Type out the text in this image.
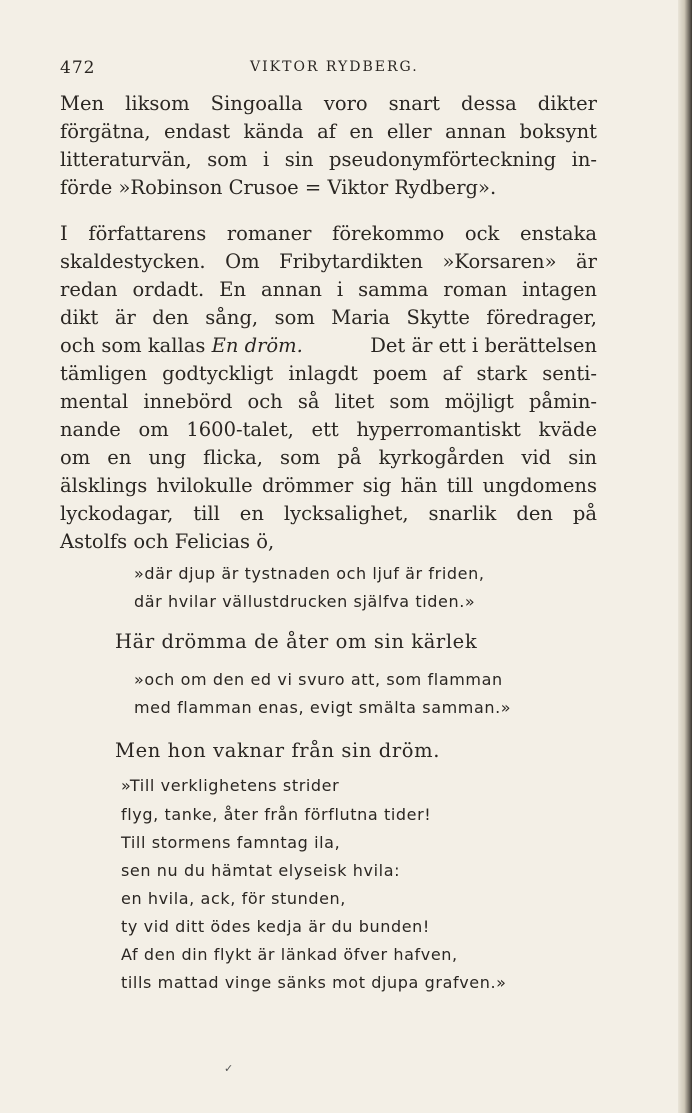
472	VIKTOR RYDBERG.
Men liksom Singoalla voro snart dessa dikter
förgätna, endast kända af en eller annan boksynt
litteraturvän, som i sin pseudonymförteckning in-
förde »Robinson Crusoe = Viktor Rydberg».
I författarens romaner förekommo ock enstaka
skaldestycken. Om Fribytardikten »Korsaren» är
redan ordadt. En annan i samma roman intagen
dikt är den sång, som Maria Skytte föredrager,
och som kallas En dröm.	Det är ett i berättelsen
tämligen godtyckligt inlagdt poem af stark senti-
mental innebörd och så litet som möjligt påmin-
nande om 1600-talet, ett hyperromantiskt kväde
om en ung flicka, som på kyrkogården vid sin
älsklings hvilokulle drömmer sig hän till ungdomens
lyckodagar, till en lycksalighet, snarlik den på
Astolfs och Felicias ö,
»där djup är tystnaden och ljuf är friden,
där hvilar vällustdrucken själfva tiden.»
Här drömma de åter om sin kärlek
»och om den ed vi svuro att, som flamman
med flamman enas, evigt smälta samman.»
Men hon vaknar från sin dröm.
»Till verklighetens strider
flyg, tanke, åter från förflutna tider!
Till stormens famntag ila,
sen nu du hämtat elyseisk hvila:
en hvila, ack, för stunden,
ty vid ditt ödes kedja är du bunden!
Af den din flykt är länkad öfver hafven,
tills mattad vinge sänks mot djupa grafven.»
✓
